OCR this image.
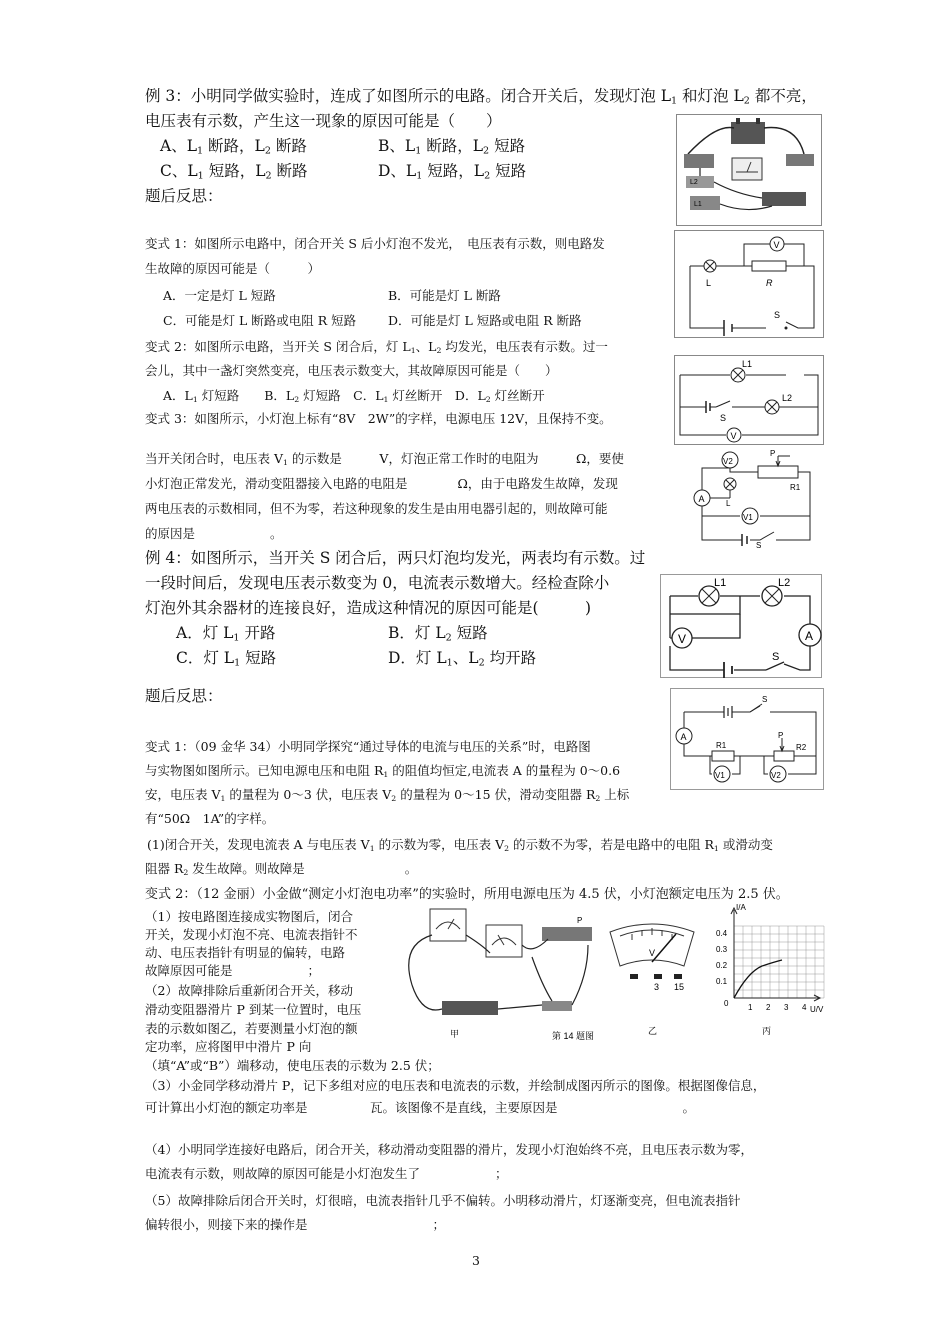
例 3：小明同学做实验时，连成了如图所示的电路。闭合开关后，发现灯泡 $L_1$ 和灯泡 $L_2$ 都不亮，
电压表有示数，产生这一现象的原因可能是（　　）
A、$L_1$ 断路，$L_2$ 断路	B、$L_1$ 断路，$L_2$ 短路
C、$L_1$ 短路，$L_2$ 断路	D、$L_1$ 短路，$L_2$ 短路
题后反思：
L2
L1
变式 1：如图所示电路中，闭合开关 S 后小灯泡不发光，　电压表有示数，则电路发
生故障的原因可能是（　　　）
A．一定是灯 L 短路	B．可能是灯 L 断路
C．可能是灯 L 断路或电阻 R 短路	D．可能是灯 L 短路或电阻 R 断路
V
L	R
S
变式 2：如图所示电路，当开关 S 闭合后，灯 $L_1$、$L_2$ 均发光，电压表有示数。过一
会儿，其中一盏灯突然变亮，电压表示数变大，其故障原因可能是（　　）
A．$L_1$ 灯短路　　B．$L_2$ 灯短路　C．$L_1$ 灯丝断开　D．$L_2$ 灯丝断开
V
L1
L2
S
变式 3：如图所示，小灯泡上标有“8V　2W”的字样，电源电压 12V，且保持不变。
当开关闭合时，电压表 $V_1$ 的示数是　　　V，灯泡正常工作时的电阻为　　　Ω，要使
小灯泡正常发光，滑动变阻器接入电路的电阻是　　　　Ω，由于电路发生故障，发现
两电压表的示数相同，但不为零，若这种现象的发生是由用电器引起的，则故障可能
的原因是　　　　　　。
V2
P
R1
A
V1
L
S
例 4：如图所示，当开关 S 闭合后，两只灯泡均发光，两表均有示数。过
一段时间后，发现电压表示数变为 0，电流表示数增大。经检查除小
灯泡外其余器材的连接良好，造成这种情况的原因可能是(　　　)
A．灯 $L_1$ 开路	B．灯 $L_2$ 短路
C．灯 $L_1$ 短路	D．灯 $L_1$、$L_2$ 均开路
题后反思：
V	A
L1	L2
S
变式 1：（09 金华 34）小明同学探究“通过导体的电流与电压的关系”时，电路图
与实物图如图所示。已知电源电压和电阻 $R_1$ 的阻值均恒定,电流表 A 的量程为 0～0.6
安，电压表 $V_1$ 的量程为 0～3 伏，电压表 $V_2$ 的量程为 0～15 伏，滑动变阻器 $R_2$ 上标
有“50Ω　1A”的字样。
(1)闭合开关，发现电流表 A 与电压表 $V_1$ 的示数为零，电压表 $V_2$ 的示数不为零，若是电路中的电阻 $R_1$ 或滑动变
阻器 $R_2$ 发生故障。则故障是　　　　　　　　。
S
A	P
R1	R2
V1	V2
变式 2：（12 金丽）小金做“测定小灯泡电功率”的实验时，所用电源电压为 4.5 伏，小灯泡额定电压为 2.5 伏。
（1）按电路图连接成实物图后，闭合
开关，发现小灯泡不亮、电流表指针不
动、电压表指针有明显的偏转，电路
故障原因可能是　　　　　　；
（2）故障排除后重新闭合开关，移动
滑动变阻器滑片 P 到某一位置时，电压
表的示数如图乙，若要测量小灯泡的额
定功率，应将图甲中滑片 P 向
（填“A”或“B”）端移动，使电压表的示数为 2.5 伏；
（3）小金同学移动滑片 P，记下多组对应的电压表和电流表的示数，并绘制成图丙所示的图像。根据图像信息，
可计算出小灯泡的额定功率是　　　　　瓦。该图像不是直线，主要原因是　　　　　　　　　　。
（4）小明同学连接好电路后，闭合开关，移动滑动变阻器的滑片，发现小灯泡始终不亮，且电压表示数为零，
电流表有示数，则故障的原因可能是小灯泡发生了　　　　　　；
（5）故障排除后闭合开关时，灯很暗，电流表指针几乎不偏转。小明移动滑片，灯逐渐变亮，但电流表指针
偏转很小，则接下来的操作是　　　　　　　　　　；
P
甲	第 14 题图
V
3 15
乙
I/A
U/V
0
0.4
0.3
0.2
0.1
1 2 3 4
丙
3
